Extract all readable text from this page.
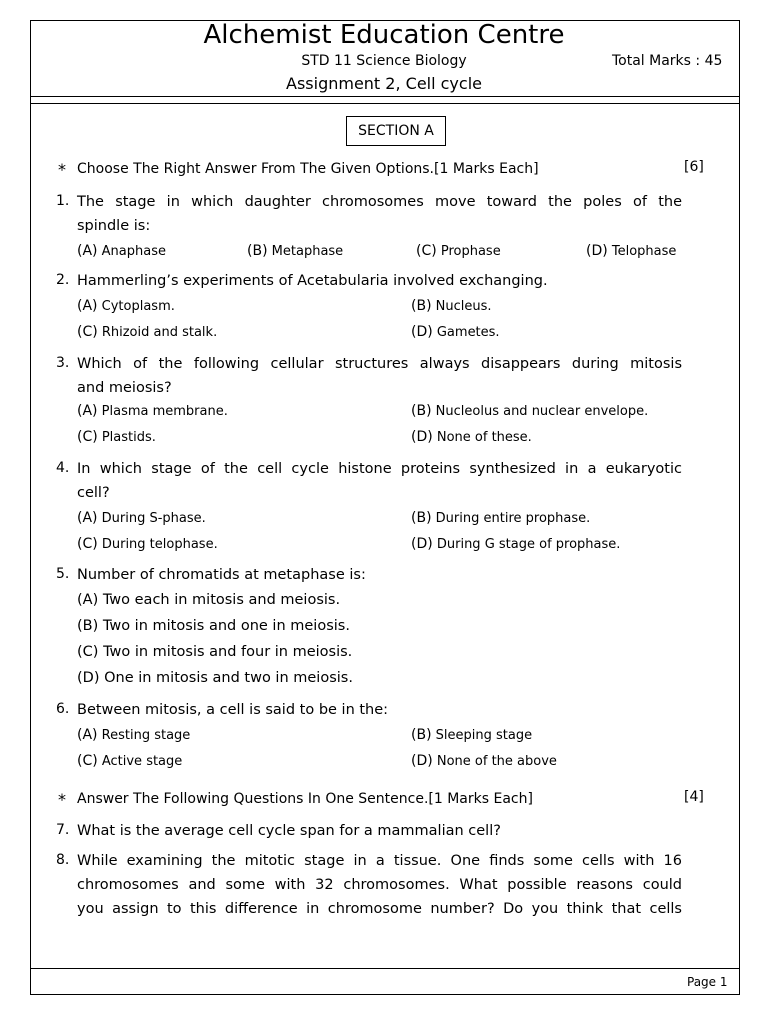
Alchemist Education Centre
STD 11 Science Biology
Assignment 2, Cell cycle
Total Marks : 45
SECTION A
* Choose The Right Answer From The Given Options.[1 Marks Each]	[6]
1. The stage in which daughter chromosomes move toward the poles of the
spindle is:
(A) Anaphase	(B) Metaphase	(C) Prophase	(D) Telophase
2. Hammerling’s experiments of Acetabularia involved exchanging.
(A) Cytoplasm.	(B) Nucleus.
(C) Rhizoid and stalk.	(D) Gametes.
3. Which of the following cellular structures always disappears during mitosis
and meiosis?
(A) Plasma membrane.	(B) Nucleolus and nuclear envelope.
(C) Plastids.	(D) None of these.
4. In which stage of the cell cycle histone proteins synthesized in a eukaryotic
cell?
(A) During S-phase.	(B) During entire prophase.
(C) During telophase.	(D) During G stage of prophase.
5. Number of chromatids at metaphase is:
(A) Two each in mitosis and meiosis.
(B) Two in mitosis and one in meiosis.
(C) Two in mitosis and four in meiosis.
(D) One in mitosis and two in meiosis.
6. Between mitosis, a cell is said to be in the:
(A) Resting stage	(B) Sleeping stage
(C) Active stage	(D) None of the above
* Answer The Following Questions In One Sentence.[1 Marks Each]	[4]
7. What is the average cell cycle span for a mammalian cell?
8. While examining the mitotic stage in a tissue. One finds some cells with 16
chromosomes and some with 32 chromosomes. What possible reasons could
you assign to this difference in chromosome number? Do you think that cells
Page 1
